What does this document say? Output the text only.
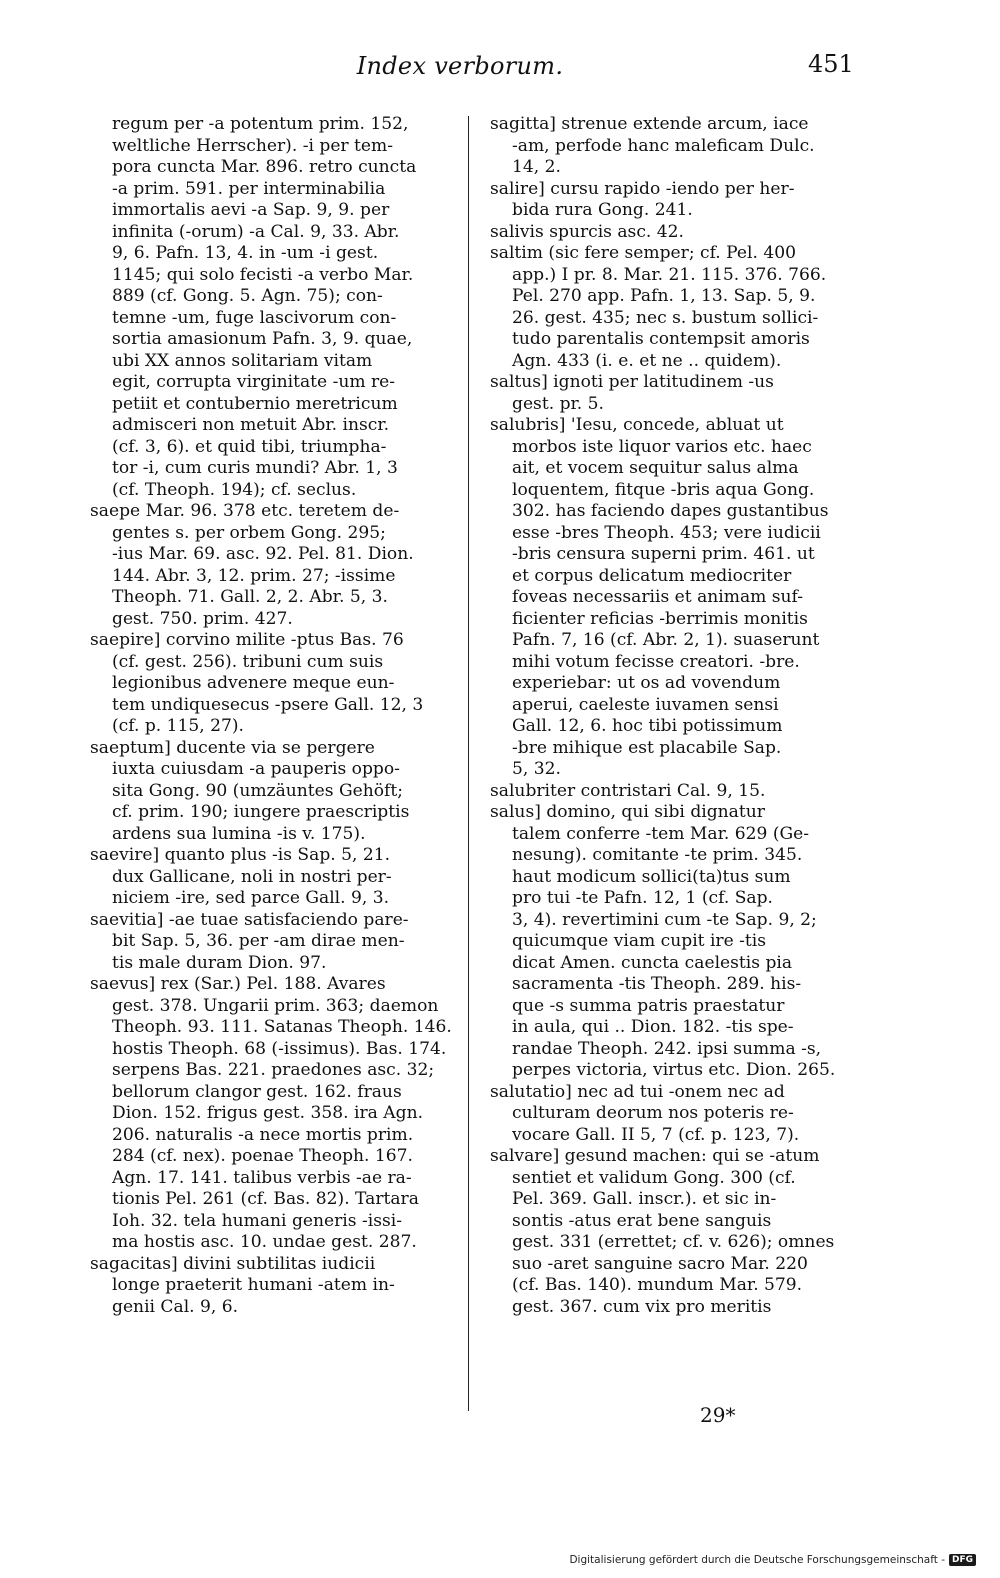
Index verborum.	451
regum per -a potentum prim. 152,
weltliche Herrscher). -i per tem-
pora cuncta Mar. 896. retro cuncta
-a prim. 591. per interminabilia
immortalis aevi -a Sap. 9, 9. per
infinita (-orum) -a Cal. 9, 33. Abr.
9, 6. Pafn. 13, 4. in -um -i gest.
1145; qui solo fecisti -a verbo Mar.
889 (cf. Gong. 5. Agn. 75); con-
temne -um, fuge lascivorum con-
sortia amasionum Pafn. 3, 9. quae,
ubi XX annos solitariam vitam
egit, corrupta virginitate -um re-
petiit et contubernio meretricum
admisceri non metuit Abr. inscr.
(cf. 3, 6). et quid tibi, triumpha-
tor -i, cum curis mundi? Abr. 1, 3
(cf. Theoph. 194); cf. seclus.
saepe Mar. 96. 378 etc. teretem de-
gentes s. per orbem Gong. 295;
-ius Mar. 69. asc. 92. Pel. 81. Dion.
144. Abr. 3, 12. prim. 27; -issime
Theoph. 71. Gall. 2, 2. Abr. 5, 3.
gest. 750. prim. 427.
saepire] corvino milite -ptus Bas. 76
(cf. gest. 256). tribuni cum suis
legionibus advenere meque eun-
tem undiquesecus -psere Gall. 12, 3
(cf. p. 115, 27).
saeptum] ducente via se pergere
iuxta cuiusdam -a pauperis oppo-
sita Gong. 90 (umzäuntes Gehöft;
cf. prim. 190; iungere praescriptis
ardens sua lumina -is v. 175).
saevire] quanto plus -is Sap. 5, 21.
dux Gallicane, noli in nostri per-
niciem -ire, sed parce Gall. 9, 3.
saevitia] -ae tuae satisfaciendo pare-
bit Sap. 5, 36. per -am dirae men-
tis male duram Dion. 97.
saevus] rex (Sar.) Pel. 188. Avares
gest. 378. Ungarii prim. 363; daemon
Theoph. 93. 111. Satanas Theoph. 146.
hostis Theoph. 68 (-issimus). Bas. 174.
serpens Bas. 221. praedones asc. 32;
bellorum clangor gest. 162. fraus
Dion. 152. frigus gest. 358. ira Agn.
206. naturalis -a nece mortis prim.
284 (cf. nex). poenae Theoph. 167.
Agn. 17. 141. talibus verbis -ae ra-
tionis Pel. 261 (cf. Bas. 82). Tartara
Ioh. 32. tela humani generis -issi-
ma hostis asc. 10. undae gest. 287.
sagacitas] divini subtilitas iudicii
longe praeterit humani -atem in-
genii Cal. 9, 6.
sagitta] strenue extende arcum, iace
-am, perfode hanc maleficam Dulc.
14, 2.
salire] cursu rapido -iendo per her-
bida rura Gong. 241.
salivis spurcis asc. 42.
saltim (sic fere semper; cf. Pel. 400
app.) I pr. 8. Mar. 21. 115. 376. 766.
Pel. 270 app. Pafn. 1, 13. Sap. 5, 9.
26. gest. 435; nec s. bustum sollici-
tudo parentalis contempsit amoris
Agn. 433 (i. e. et ne .. quidem).
saltus] ignoti per latitudinem -us
gest. pr. 5.
salubris] 'Iesu, concede, abluat ut
morbos iste liquor varios etc. haec
ait, et vocem sequitur salus alma
loquentem, fitque -bris aqua Gong.
302. has faciendo dapes gustantibus
esse -bres Theoph. 453; vere iudicii
-bris censura superni prim. 461. ut
et corpus delicatum mediocriter
foveas necessariis et animam suf-
ficienter reficias -berrimis monitis
Pafn. 7, 16 (cf. Abr. 2, 1). suaserunt
mihi votum fecisse creatori. -bre.
experiebar: ut os ad vovendum
aperui, caeleste iuvamen sensi
Gall. 12, 6. hoc tibi potissimum
-bre mihique est placabile Sap.
5, 32.
salubriter contristari Cal. 9, 15.
salus] domino, qui sibi dignatur
talem conferre -tem Mar. 629 (Ge-
nesung). comitante -te prim. 345.
haut modicum sollici(ta)tus sum
pro tui -te Pafn. 12, 1 (cf. Sap.
3, 4). revertimini cum -te Sap. 9, 2;
quicumque viam cupit ire -tis
dicat Amen. cuncta caelestis pia
sacramenta -tis Theoph. 289. his-
que -s summa patris praestatur
in aula, qui .. Dion. 182. -tis spe-
randae Theoph. 242. ipsi summa -s,
perpes victoria, virtus etc. Dion. 265.
salutatio] nec ad tui -onem nec ad
culturam deorum nos poteris re-
vocare Gall. II 5, 7 (cf. p. 123, 7).
salvare] gesund machen: qui se -atum
sentiet et validum Gong. 300 (cf.
Pel. 369. Gall. inscr.). et sic in-
sontis -atus erat bene sanguis
gest. 331 (errettet; cf. v. 626); omnes
suo -aret sanguine sacro Mar. 220
(cf. Bas. 140). mundum Mar. 579.
gest. 367. cum vix pro meritis
29*
Digitalisierung gefördert durch die Deutsche Forschungsgemeinschaft - DFG
